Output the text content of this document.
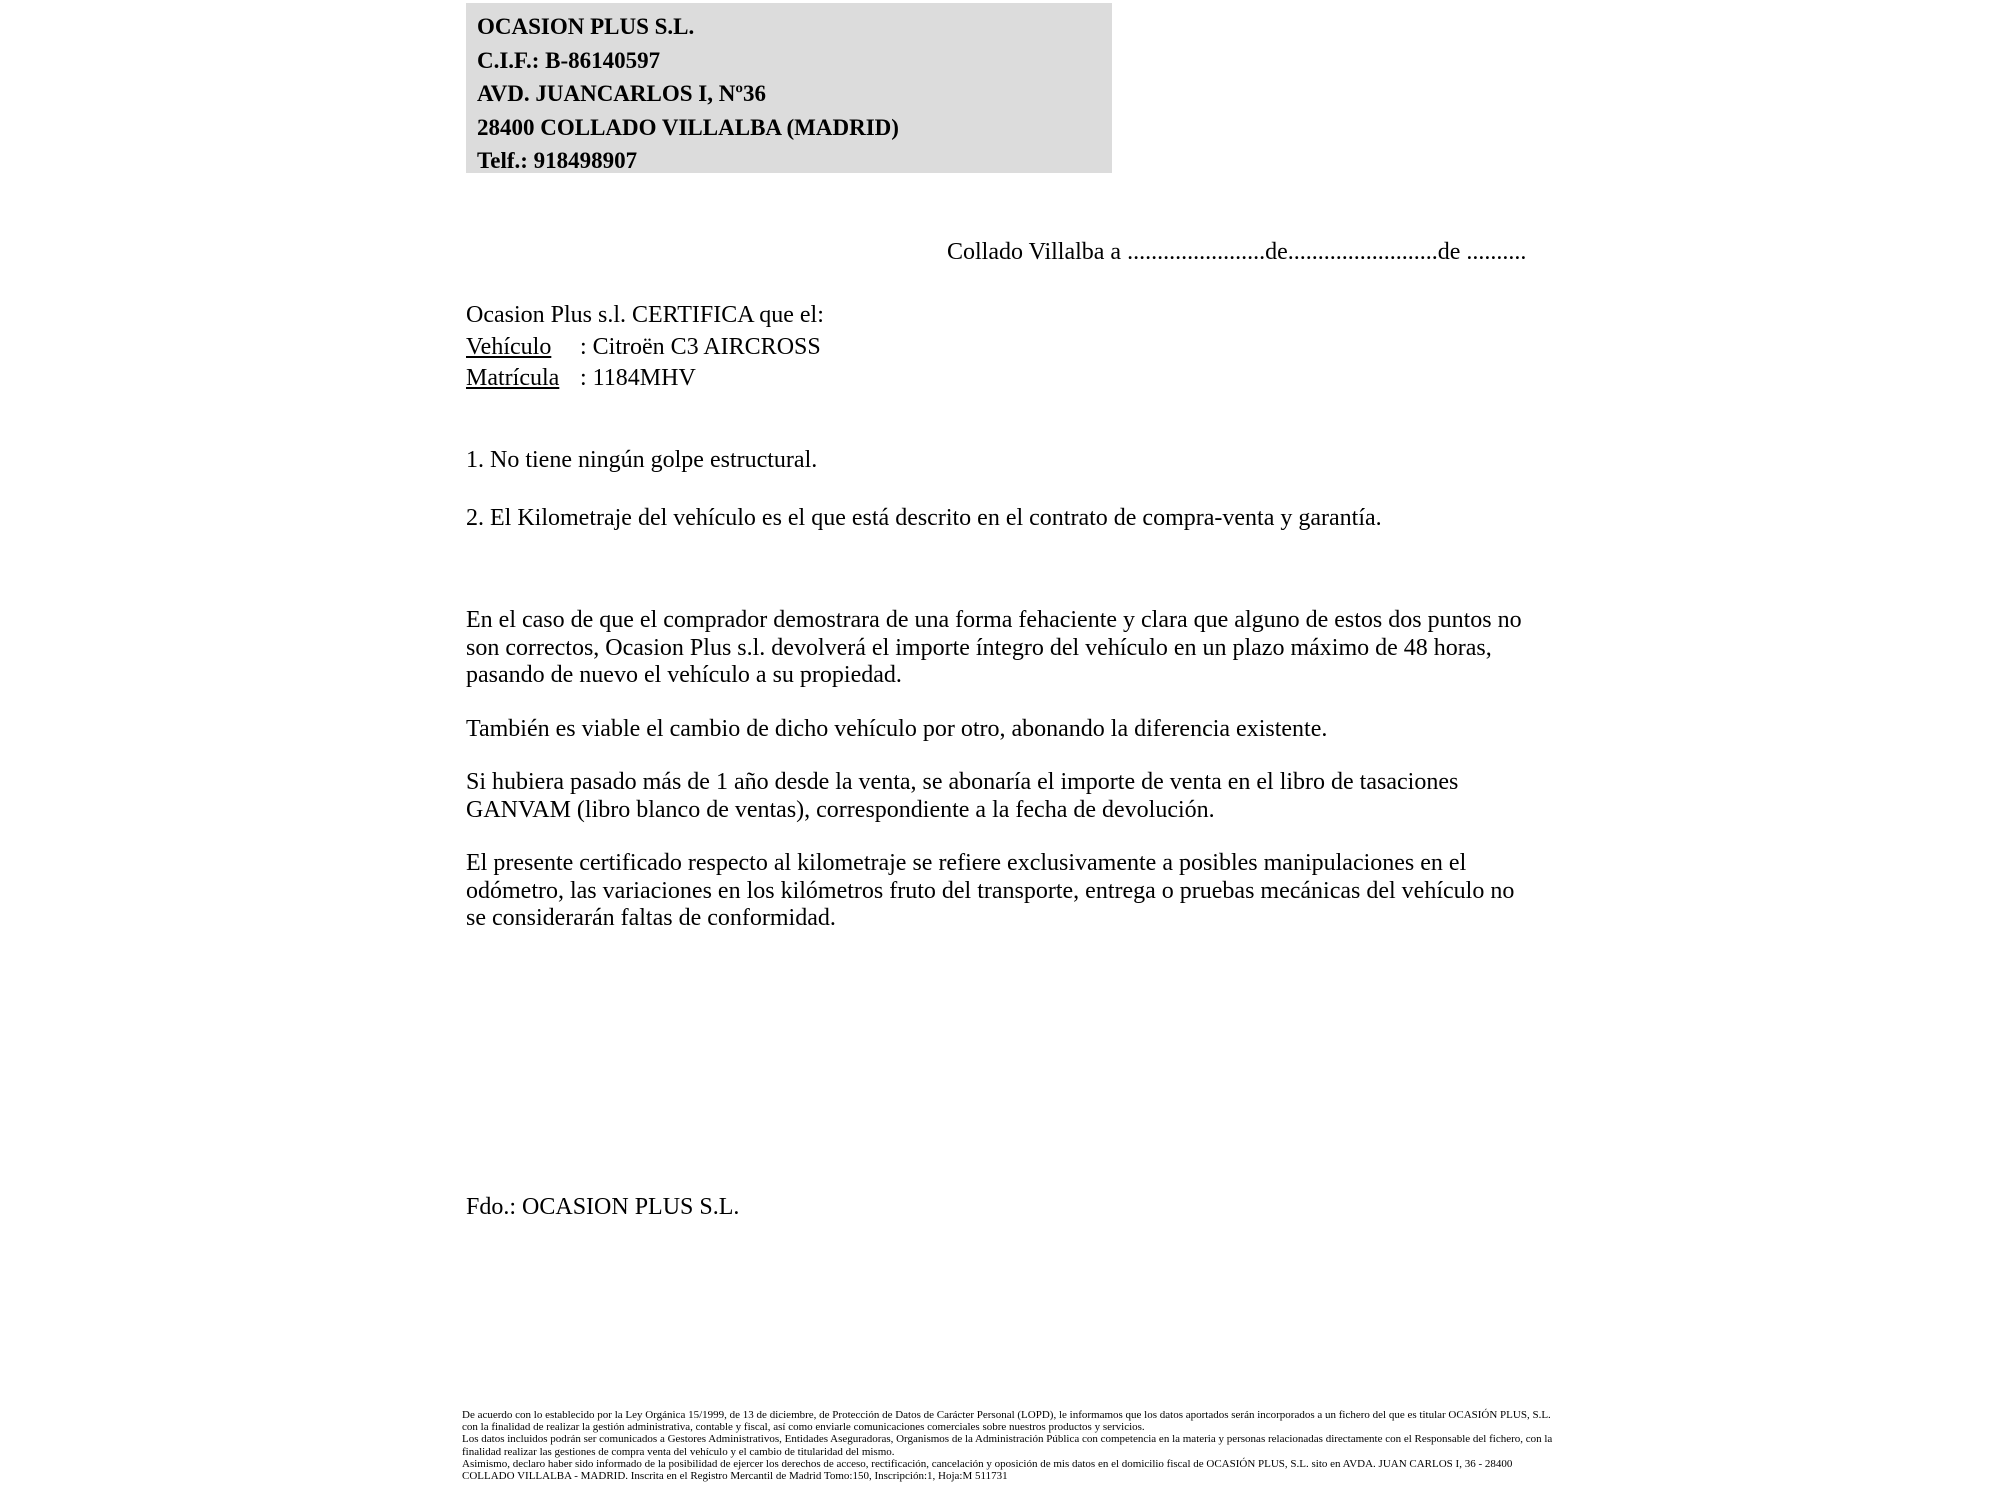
OCASION PLUS S.L.
C.I.F.: B-86140597
AVD. JUANCARLOS I, Nº36
28400 COLLADO VILLALBA (MADRID)
Telf.: 918498907
Collado Villalba a .......................de.........................de ..........
Ocasion Plus s.l. CERTIFICA que el:
Vehículo : Citroën C3 AIRCROSS
Matrícula : 1184MHV
1. No tiene ningún golpe estructural.
2. El Kilometraje del vehículo es el que está descrito en el contrato de compra-venta y garantía.

En el caso de que el comprador demostrara de una forma fehaciente y clara que alguno de estos dos puntos no son correctos, Ocasion Plus s.l. devolverá el importe íntegro del vehículo en un plazo máximo de 48 horas, pasando de nuevo el vehículo a su propiedad.

También es viable el cambio de dicho vehículo por otro, abonando la diferencia existente.

Si hubiera pasado más de 1 año desde la venta, se abonaría el importe de venta en el libro de tasaciones GANVAM (libro blanco de ventas), correspondiente a la fecha de devolución.

El presente certificado respecto al kilometraje se refiere exclusivamente a posibles manipulaciones en el odómetro, las variaciones en los kilómetros fruto del transporte, entrega o pruebas mecánicas del vehículo no se considerarán faltas de conformidad.

Fdo.: OCASION PLUS S.L.

De acuerdo con lo establecido por la Ley Orgánica 15/1999, de 13 de diciembre, de Protección de Datos de Carácter Personal (LOPD), le informamos que los datos aportados serán incorporados a un fichero del que es titular OCASIÓN PLUS, S.L. con la finalidad de realizar la gestión administrativa, contable y fiscal, así como enviarle comunicaciones comerciales sobre nuestros productos y servicios.

Los datos incluidos podrán ser comunicados a Gestores Administrativos, Entidades Aseguradoras, Organismos de la Administración Pública con competencia en la materia y personas relacionadas directamente con el Responsable del fichero, con la finalidad realizar las gestiones de compra venta del vehículo y el cambio de titularidad del mismo.

Asimismo, declaro haber sido informado de la posibilidad de ejercer los derechos de acceso, rectificación, cancelación y oposición de mis datos en el domicilio fiscal de OCASIÓN PLUS, S.L. sito en AVDA. JUAN CARLOS I, 36 - 28400 COLLADO VILLALBA - MADRID. Inscrita en el Registro Mercantil de Madrid Tomo:150, Inscripción:1, Hoja:M 511731
